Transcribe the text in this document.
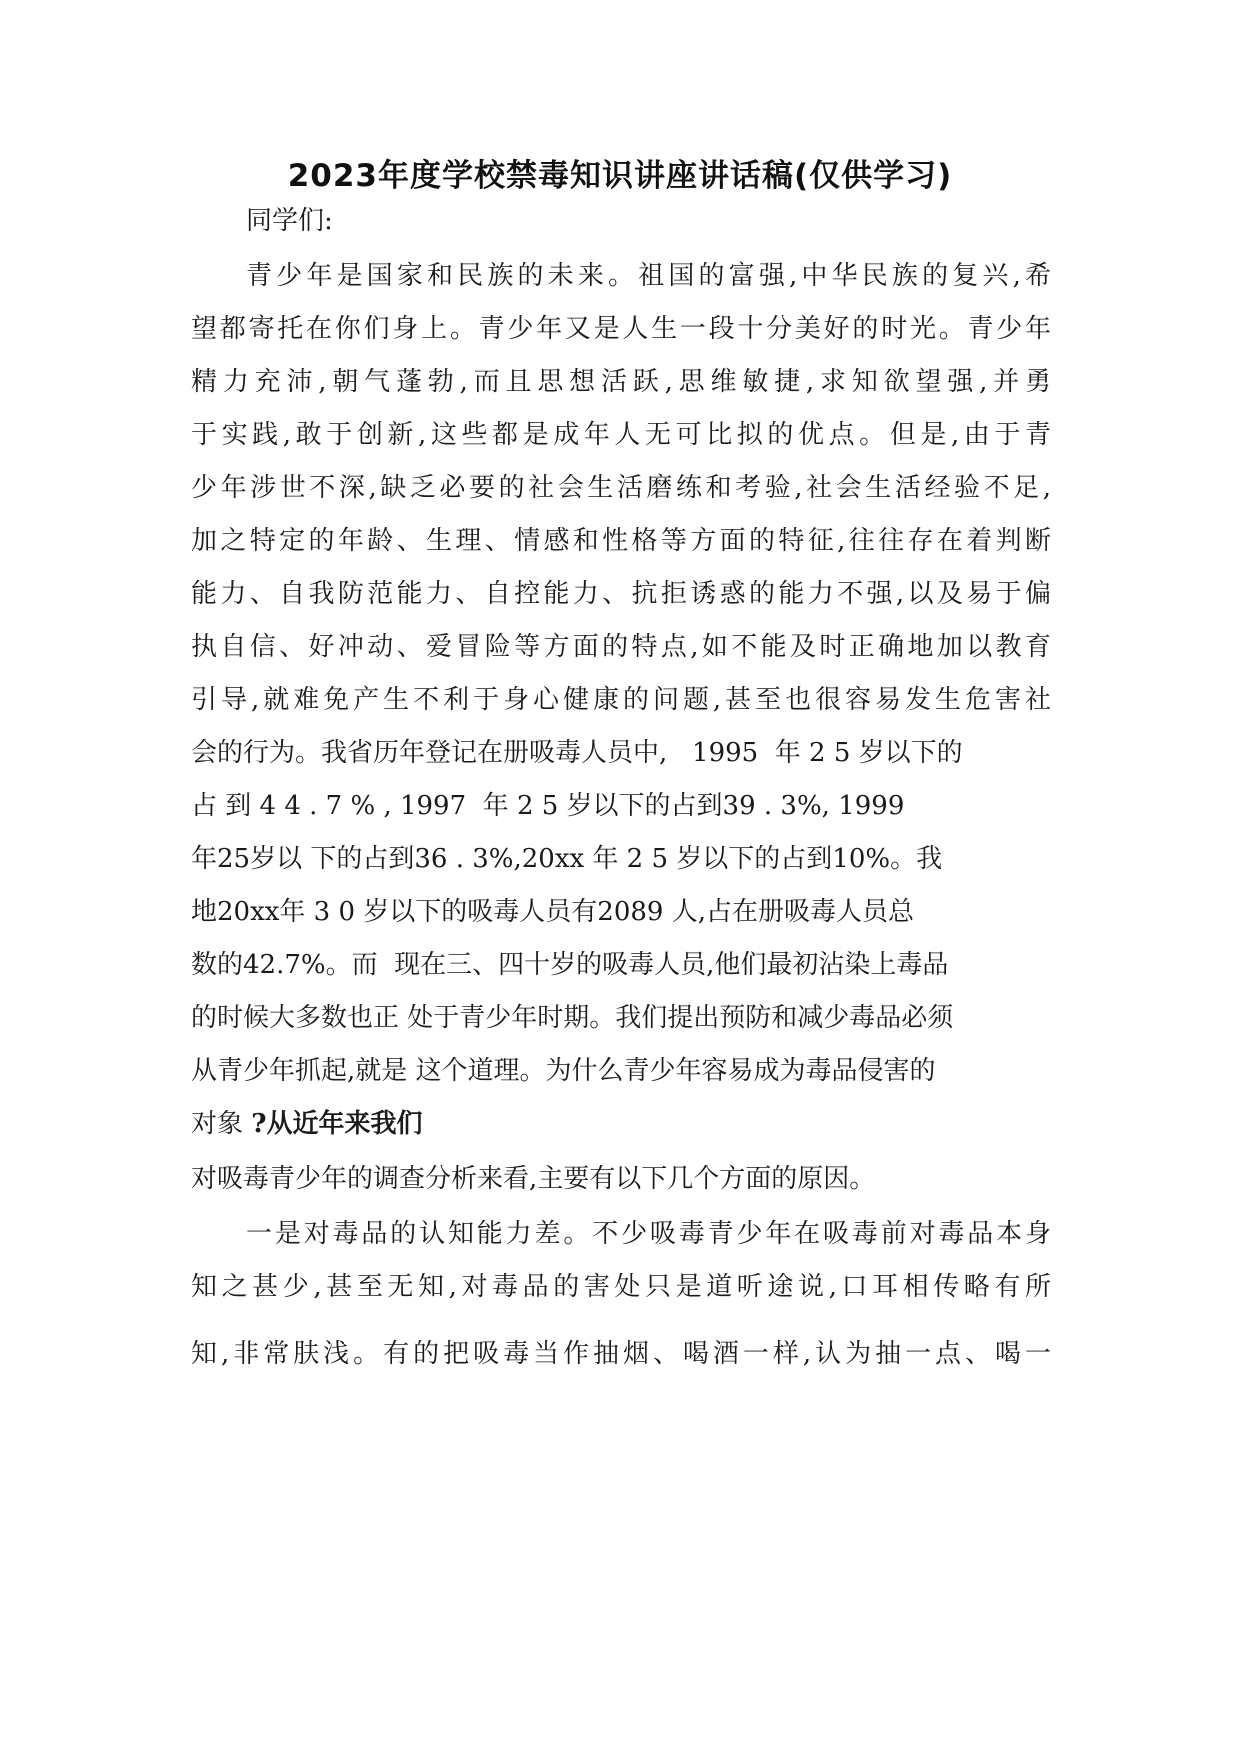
2023年度学校禁毒知识讲座讲话稿(仅供学习)
同学们:
青少年是国家和民族的未来。祖国的富强,中华民族的复兴,希
望都寄托在你们身上。青少年又是人生一段十分美好的时光。青少年
精力充沛,朝气蓬勃,而且思想活跃,思维敏捷,求知欲望强,并勇
于实践,敢于创新,这些都是成年人无可比拟的优点。但是,由于青
少年涉世不深,缺乏必要的社会生活磨练和考验,社会生活经验不足,
加之特定的年龄、生理、情感和性格等方面的特征,往往存在着判断
能力、自我防范能力、自控能力、抗拒诱惑的能力不强,以及易于偏
执自信、好冲动、爱冒险等方面的特点,如不能及时正确地加以教育
引导,就难免产生不利于身心健康的问题,甚至也很容易发生危害社
会的行为。我省历年登记在册吸毒人员中,   1995  年 2 5 岁以下的
占 到 4 4 . 7 % , 1997  年 2 5 岁以下的占到39 . 3%, 1999
年25岁以 下的占到36 . 3%,20xx 年 2 5 岁以下的占到10%。我
地20xx年 3 0 岁以下的吸毒人员有2089 人,占在册吸毒人员总
数的42.7%。而  现在三、四十岁的吸毒人员,他们最初沾染上毒品
的时候大多数也正 处于青少年时期。我们提出预防和减少毒品必须
从青少年抓起,就是 这个道理。为什么青少年容易成为毒品侵害的
对象 ?从近年来我们
对吸毒青少年的调查分析来看,主要有以下几个方面的原因。
一是对毒品的认知能力差。不少吸毒青少年在吸毒前对毒品本身
知之甚少,甚至无知,对毒品的害处只是道听途说,口耳相传略有所
知,非常肤浅。有的把吸毒当作抽烟、喝酒一样,认为抽一点、喝一
